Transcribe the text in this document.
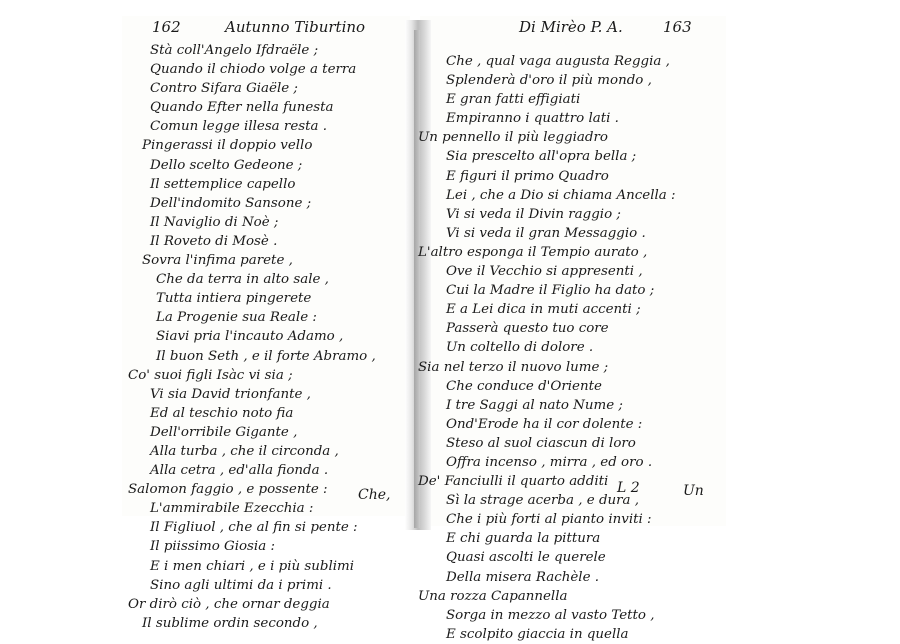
162	Autunno Tiburtino	Di Mirèo P. A.	163
Stà coll'Angelo Ifdraële ;
Quando il chiodo volge a terra
Contro Sifara Giaële ;
Quando Efter nella funesta
Comun legge illesa resta .
Pingerassi il doppio vello
Dello scelto Gedeone ;
Il settemplice capello
Dell'indomito Sansone ;
Il Naviglio di Noè ;
Il Roveto di Mosè .
Sovra l'infima parete ,
Che da terra in alto sale ,
Tutta intiera pingerete
La Progenie sua Reale :
Siavi pria l'incauto Adamo ,
Il buon Seth , e il forte Abramo ,
Co' suoi figli Isàc vi sia ;
Vi sia David trionfante ,
Ed al teschio noto fia
Dell'orribile Gigante ,
Alla turba , che il circonda ,
Alla cetra , ed'alla fionda .
Salomon faggio , e possente :
L'ammirabile Ezecchia :
Il Figliuol , che al fin si pente :
Il piissimo Giosia :
E i men chiari , e i più sublimi
Sino agli ultimi da i primi .
Or dirò ciò , che ornar deggia
Il sublime ordin secondo ,
Che , qual vaga augusta Reggia ,
Splenderà d'oro il più mondo ,
E gran fatti effigiati
Empiranno i quattro lati .
Un pennello il più leggiadro
Sia prescelto all'opra bella ;
E figuri il primo Quadro
Lei , che a Dio si chiama Ancella :
Vi si veda il Divin raggio ;
Vi si veda il gran Messaggio .
L'altro esponga il Tempio aurato ,
Ove il Vecchio si appresenti ,
Cui la Madre il Figlio ha dato ;
E a Lei dica in muti accenti ;
Passerà questo tuo core
Un coltello di dolore .
Sia nel terzo il nuovo lume ;
Che conduce d'Oriente
I tre Saggi al nato Nume ;
Ond'Erode ha il cor dolente :
Steso al suol ciascun di loro
Offra incenso , mirra , ed oro .
De' Fanciulli il quarto additi
Sì la strage acerba , e dura ,
Che i più forti al pianto inviti :
E chi guarda la pittura
Quasi ascolti le querele
Della misera Rachèle .
Una rozza Capannella
Sorga in mezzo al vasto Tetto ,
E scolpito giaccia in quella
Che,	L 2	Un
